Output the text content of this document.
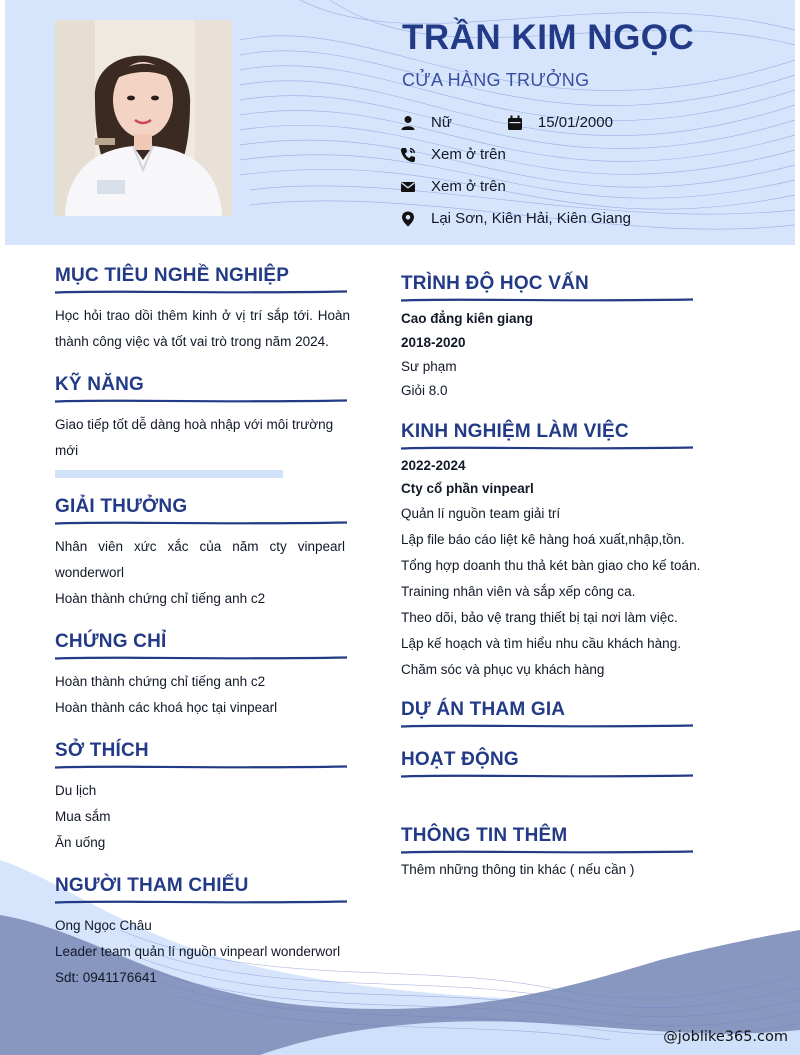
TRẦN KIM NGỌC
CỬA HÀNG TRƯỞNG
Nữ	15/01/2000
Xem ở trên
Xem ở trên
Lại Sơn, Kiên Hải, Kiên Giang
MỤC TIÊU NGHỀ NGHIỆP
Học hỏi trao dồi thêm kinh ở vị trí sắp tới. Hoàn thành công việc và tốt vai trò trong năm 2024.
KỸ NĂNG
Giao tiếp tốt dễ dàng hoà nhập với môi trường mới
GIẢI THƯỞNG
Nhân viên xức xắc của năm cty vinpearl wonderworl
Hoàn thành chứng chỉ tiếng anh c2
CHỨNG CHỈ
Hoàn thành chứng chỉ tiếng anh c2
Hoàn thành các khoá học tại vinpearl
SỞ THÍCH
Du lịch
Mua sắm
Ăn uống
NGƯỜI THAM CHIẾU
Ong Ngọc Châu
Leader team quản lí nguồn vinpearl wonderworl
Sdt: 0941176641
TRÌNH ĐỘ HỌC VẤN
Cao đẳng kiên giang
2018-2020
Sư phạm
Giỏi 8.0
KINH NGHIỆM LÀM VIỆC
2022-2024
Cty cổ phần vinpearl
Quản lí nguồn team giải trí
Lập file báo cáo liệt kê hàng hoá xuất,nhập,tồn.
Tổng hợp doanh thu thả két bàn giao cho kế toán.
Training nhân viên và sắp xếp công ca.
Theo dõi, bảo vệ trang thiết bị tại nơi làm việc.
Lập kế hoạch và tìm hiểu nhu cầu khách hàng.
Chăm sóc và phục vụ khách hàng
DỰ ÁN THAM GIA
HOẠT ĐỘNG
THÔNG TIN THÊM
Thêm những thông tin khác ( nếu cần )
@joblike365.com
